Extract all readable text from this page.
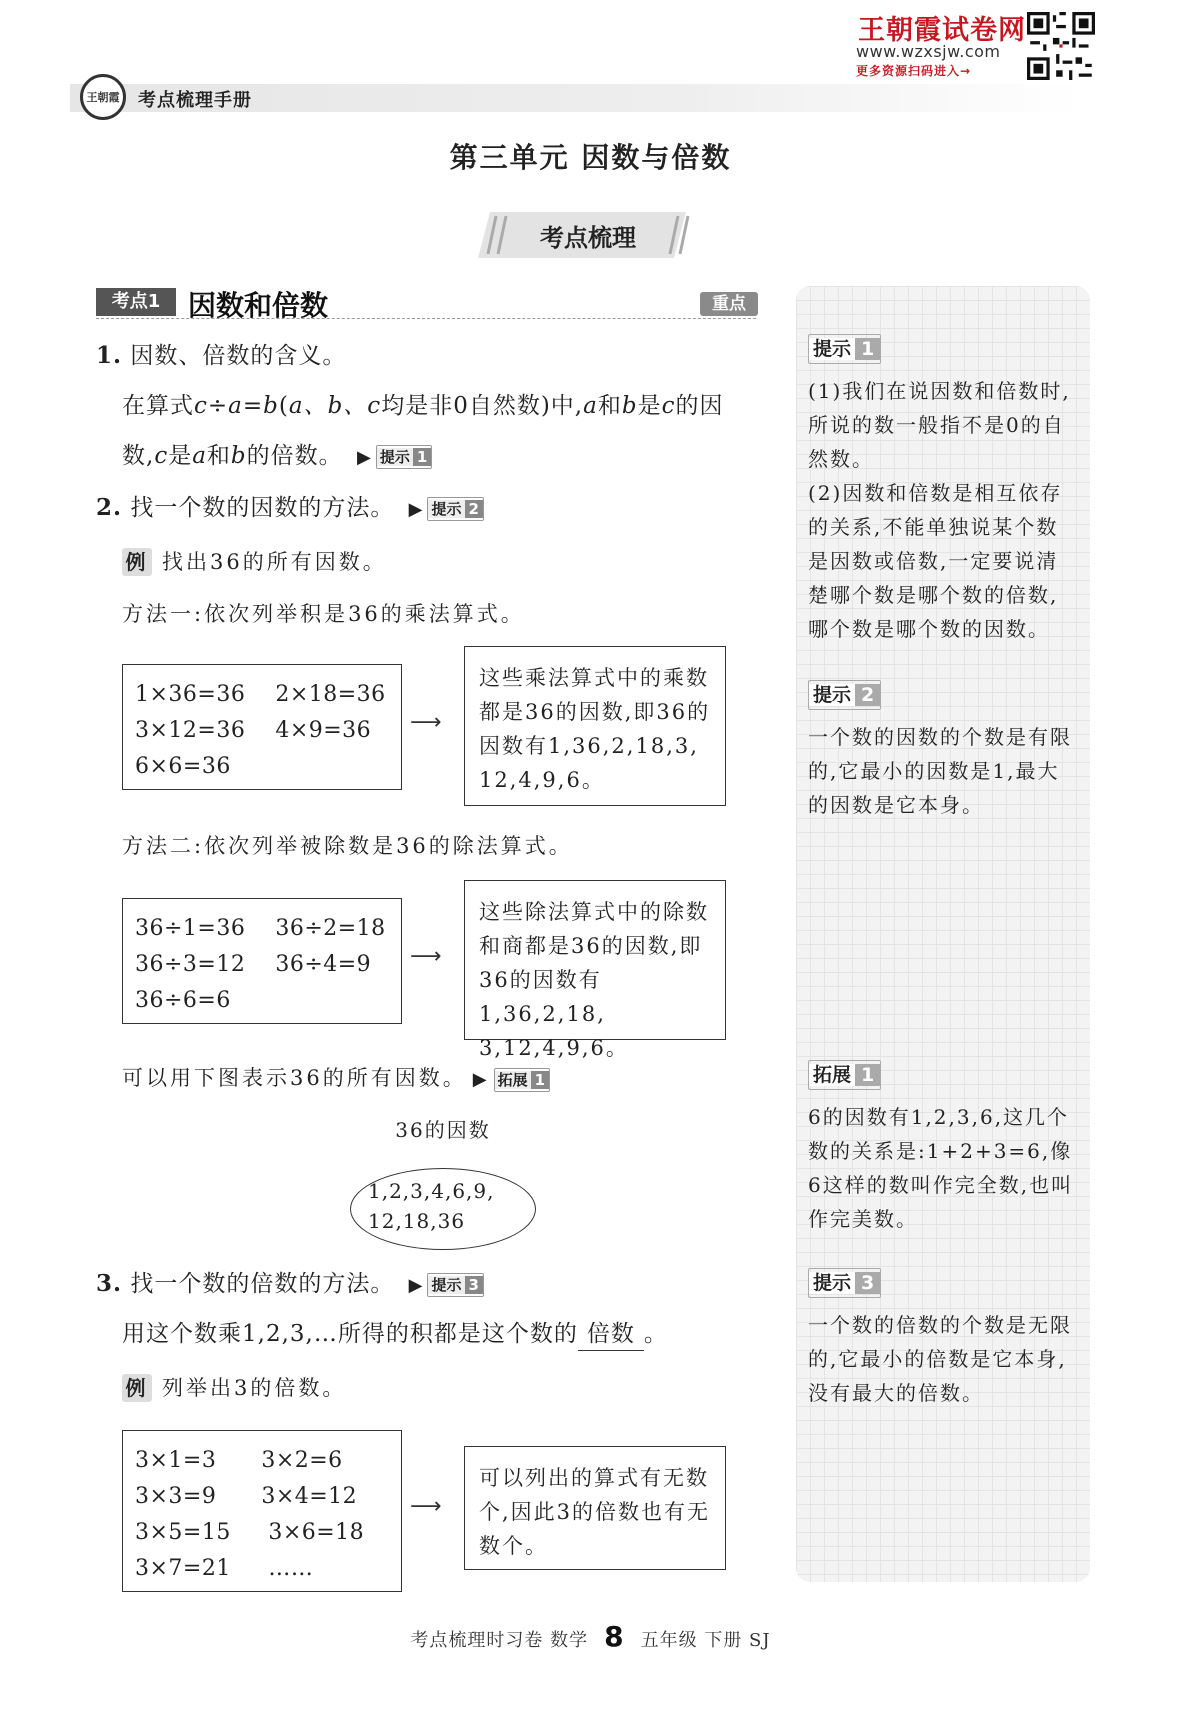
王朝霞 考点梳理手册
王朝霞试卷网
www.wzxsjw.com
更多资源扫码进入→
第三单元 因数与倍数
考点梳理
考点1 因数和倍数	重点
1. 因数、倍数的含义。
在算式c÷a=b(a、b、c均是非0自然数)中,a和b是c的因
数,c是a和b的倍数。 ▶ 提示 1
2. 找一个数的因数的方法。 ▶ 提示 2
例 找出36的所有因数。
方法一:依次列举积是36的乘法算式。
1×36=36    2×18=36
3×12=36    4×9=36
6×6=36
⟶
这些乘法算式中的乘数
都是36的因数,即36的
因数有1,36,2,18,3,
12,4,9,6。
方法二:依次列举被除数是36的除法算式。
36÷1=36    36÷2=18
36÷3=12    36÷4=9
36÷6=6
⟶
这些除法算式中的除数
和商都是36的因数,即
36的因数有1,36,2,18,
3,12,4,9,6。
可以用下图表示36的所有因数。 ▶ 拓展 1
36的因数
1,2,3,4,6,9,
12,18,36
3. 找一个数的倍数的方法。 ▶ 提示 3
用这个数乘1,2,3,…所得的积都是这个数的 倍数 。
例 列举出3的倍数。
3×1=3      3×2=6
3×3=9      3×4=12
3×5=15     3×6=18
3×7=21     ……
⟶
可以列出的算式有无数
个,因此3的倍数也有无
数个。
提示 1
(1)我们在说因数和倍数时,
所说的数一般指不是0的自
然数。
(2)因数和倍数是相互依存
的关系,不能单独说某个数
是因数或倍数,一定要说清
楚哪个数是哪个数的倍数,
哪个数是哪个数的因数。
提示 2
一个数的因数的个数是有限
的,它最小的因数是1,最大
的因数是它本身。
拓展 1
6的因数有1,2,3,6,这几个
数的关系是:1+2+3=6,像
6这样的数叫作完全数,也叫
作完美数。
提示 3
一个数的倍数的个数是无限
的,它最小的倍数是它本身,
没有最大的倍数。
考点梳理时习卷 数学 8 五年级 下册 SJ
